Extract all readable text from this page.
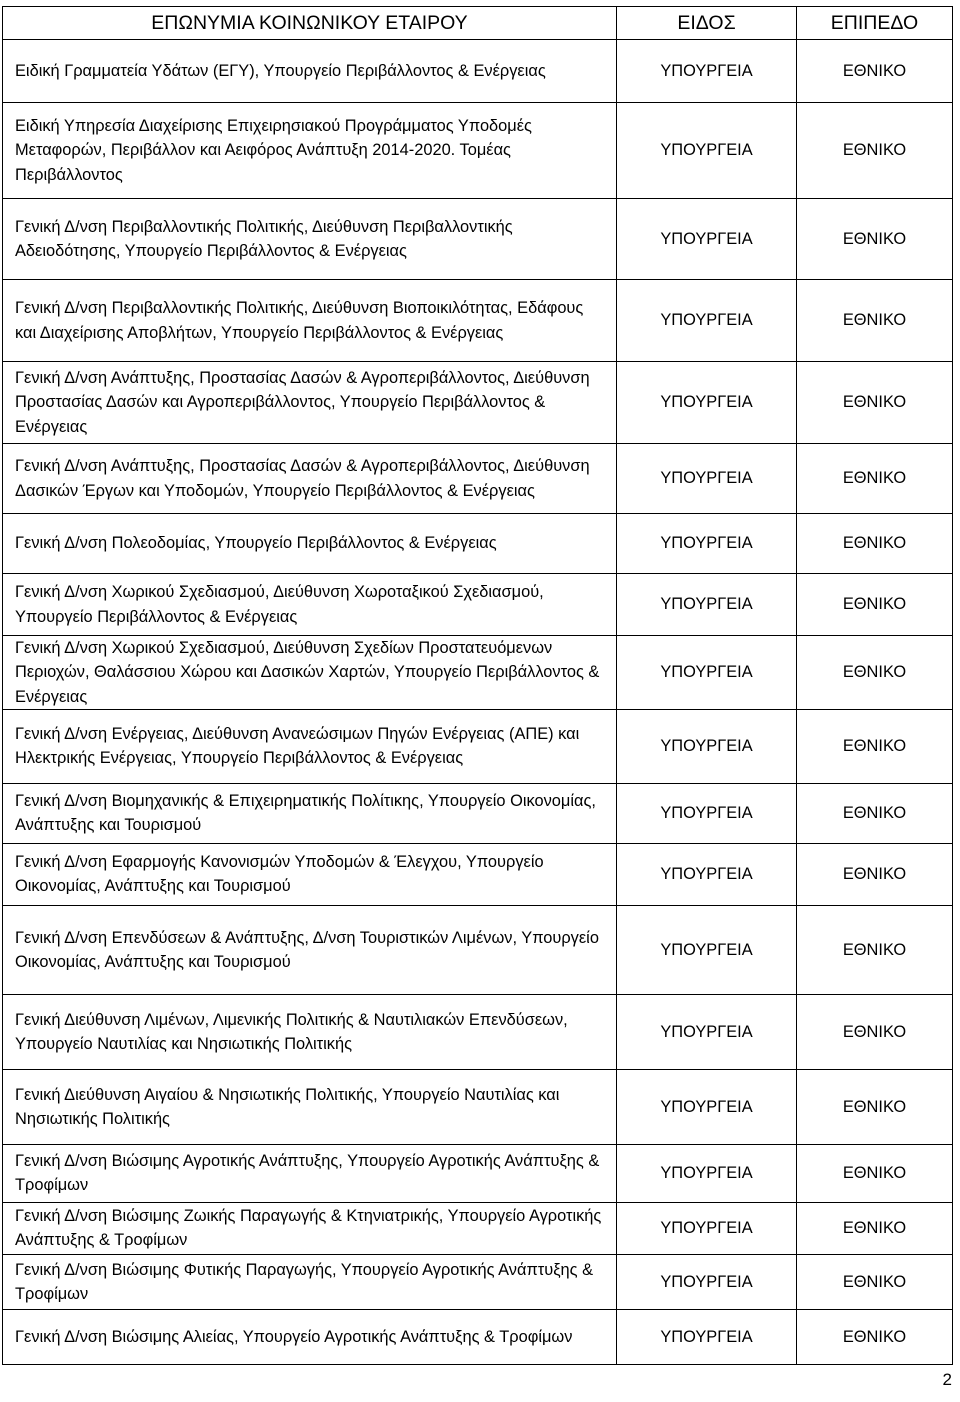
ΕΠΩΝΥΜΙΑ ΚΟΙΝΩΝΙΚΟΥ ΕΤΑΙΡΟΥ	ΕΙΔΟΣ	ΕΠΙΠΕΔΟ
Ειδική Γραμματεία Υδάτων (ΕΓΥ), Υπουργείο Περιβάλλοντος & Ενέργειας	ΥΠΟΥΡΓΕΙΑ	ΕΘΝΙΚΟ
Ειδική Υπηρεσία Διαχείρισης Επιχειρησιακού Προγράμματος Υποδομές Μεταφορών, Περιβάλλον και Αειφόρος Ανάπτυξη 2014-2020. Τομέας Περιβάλλοντος	ΥΠΟΥΡΓΕΙΑ	ΕΘΝΙΚΟ
Γενική Δ/νση Περιβαλλοντικής Πολιτικής, Διεύθυνση Περιβαλλοντικής Αδειοδότησης, Υπουργείο Περιβάλλοντος & Ενέργειας	ΥΠΟΥΡΓΕΙΑ	ΕΘΝΙΚΟ
Γενική Δ/νση Περιβαλλοντικής Πολιτικής, Διεύθυνση Βιοποικιλότητας, Εδάφους και Διαχείρισης Αποβλήτων, Υπουργείο Περιβάλλοντος & Ενέργειας	ΥΠΟΥΡΓΕΙΑ	ΕΘΝΙΚΟ
Γενική Δ/νση Ανάπτυξης, Προστασίας Δασών & Αγροπεριβάλλοντος, Διεύθυνση Προστασίας Δασών και Αγροπεριβάλλοντος, Υπουργείο Περιβάλλοντος & Ενέργειας	ΥΠΟΥΡΓΕΙΑ	ΕΘΝΙΚΟ
Γενική Δ/νση Ανάπτυξης, Προστασίας Δασών & Αγροπεριβάλλοντος, Διεύθυνση Δασικών Έργων και Υποδομών, Υπουργείο Περιβάλλοντος & Ενέργειας	ΥΠΟΥΡΓΕΙΑ	ΕΘΝΙΚΟ
Γενική Δ/νση Πολεοδομίας, Υπουργείο Περιβάλλοντος & Ενέργειας	ΥΠΟΥΡΓΕΙΑ	ΕΘΝΙΚΟ
Γενική Δ/νση Χωρικού Σχεδιασμού, Διεύθυνση Χωροταξικού Σχεδιασμού, Υπουργείο Περιβάλλοντος & Ενέργειας	ΥΠΟΥΡΓΕΙΑ	ΕΘΝΙΚΟ
Γενική Δ/νση Χωρικού Σχεδιασμού, Διεύθυνση Σχεδίων Προστατευόμενων Περιοχών, Θαλάσσιου Χώρου και Δασικών Χαρτών, Υπουργείο Περιβάλλοντος & Ενέργειας	ΥΠΟΥΡΓΕΙΑ	ΕΘΝΙΚΟ
Γενική Δ/νση Ενέργειας, Διεύθυνση Ανανεώσιμων Πηγών Ενέργειας (ΑΠΕ) και Ηλεκτρικής Ενέργειας, Υπουργείο Περιβάλλοντος & Ενέργειας	ΥΠΟΥΡΓΕΙΑ	ΕΘΝΙΚΟ
Γενική Δ/νση Βιομηχανικής & Επιχειρηματικής Πολίτικης, Υπουργείο Οικονομίας, Ανάπτυξης και Τουρισμού	ΥΠΟΥΡΓΕΙΑ	ΕΘΝΙΚΟ
Γενική Δ/νση Εφαρμογής Κανονισμών Υποδομών & Έλεγχου, Υπουργείο Οικονομίας, Ανάπτυξης και Τουρισμού	ΥΠΟΥΡΓΕΙΑ	ΕΘΝΙΚΟ
Γενική Δ/νση Επενδύσεων & Ανάπτυξης, Δ/νση Τουριστικών Λιμένων, Υπουργείο Οικονομίας, Ανάπτυξης και Τουρισμού	ΥΠΟΥΡΓΕΙΑ	ΕΘΝΙΚΟ
Γενική Διεύθυνση Λιμένων, Λιμενικής Πολιτικής & Ναυτιλιακών Επενδύσεων, Υπουργείο Ναυτιλίας και Νησιωτικής Πολιτικής	ΥΠΟΥΡΓΕΙΑ	ΕΘΝΙΚΟ
Γενική Διεύθυνση Αιγαίου & Νησιωτικής Πολιτικής, Υπουργείο Ναυτιλίας και Νησιωτικής Πολιτικής	ΥΠΟΥΡΓΕΙΑ	ΕΘΝΙΚΟ
Γενική Δ/νση Βιώσιμης Αγροτικής Ανάπτυξης, Υπουργείο Αγροτικής Ανάπτυξης & Τροφίμων	ΥΠΟΥΡΓΕΙΑ	ΕΘΝΙΚΟ
Γενική Δ/νση Βιώσιμης Ζωικής Παραγωγής & Κτηνιατρικής, Υπουργείο Αγροτικής Ανάπτυξης & Τροφίμων	ΥΠΟΥΡΓΕΙΑ	ΕΘΝΙΚΟ
Γενική Δ/νση Βιώσιμης Φυτικής Παραγωγής, Υπουργείο Αγροτικής Ανάπτυξης & Τροφίμων	ΥΠΟΥΡΓΕΙΑ	ΕΘΝΙΚΟ
Γενική Δ/νση Βιώσιμης Αλιείας, Υπουργείο Αγροτικής Ανάπτυξης & Τροφίμων	ΥΠΟΥΡΓΕΙΑ	ΕΘΝΙΚΟ
2
